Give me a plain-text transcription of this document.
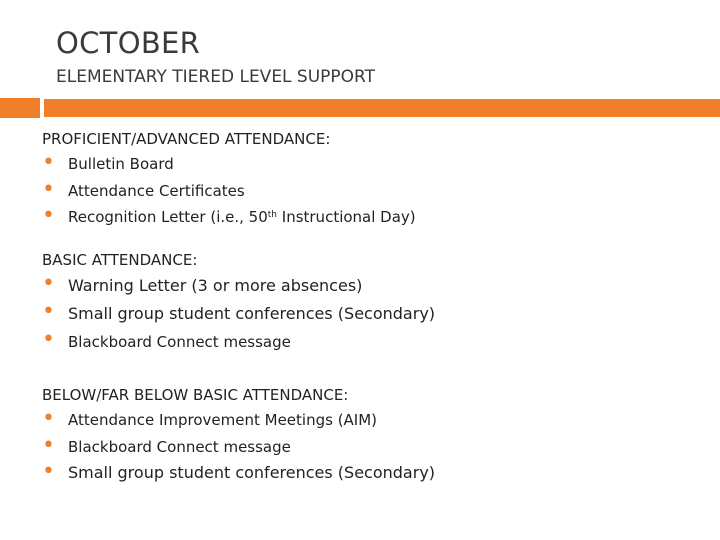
OCTOBER
ELEMENTARY TIERED LEVEL SUPPORT

PROFICIENT/ADVANCED ATTENDANCE:

• Bulletin Board
• Attendance Certificates
• Recognition Letter (i.e., 50th Instructional Day)

BASIC ATTENDANCE:

• Warning Letter (3 or more absences)
• Small group student conferences (Secondary)
• Blackboard Connect message

BELOW/FAR BELOW BASIC ATTENDANCE:

• Attendance Improvement Meetings (AIM)
• Blackboard Connect message
• Small group student conferences (Secondary)
